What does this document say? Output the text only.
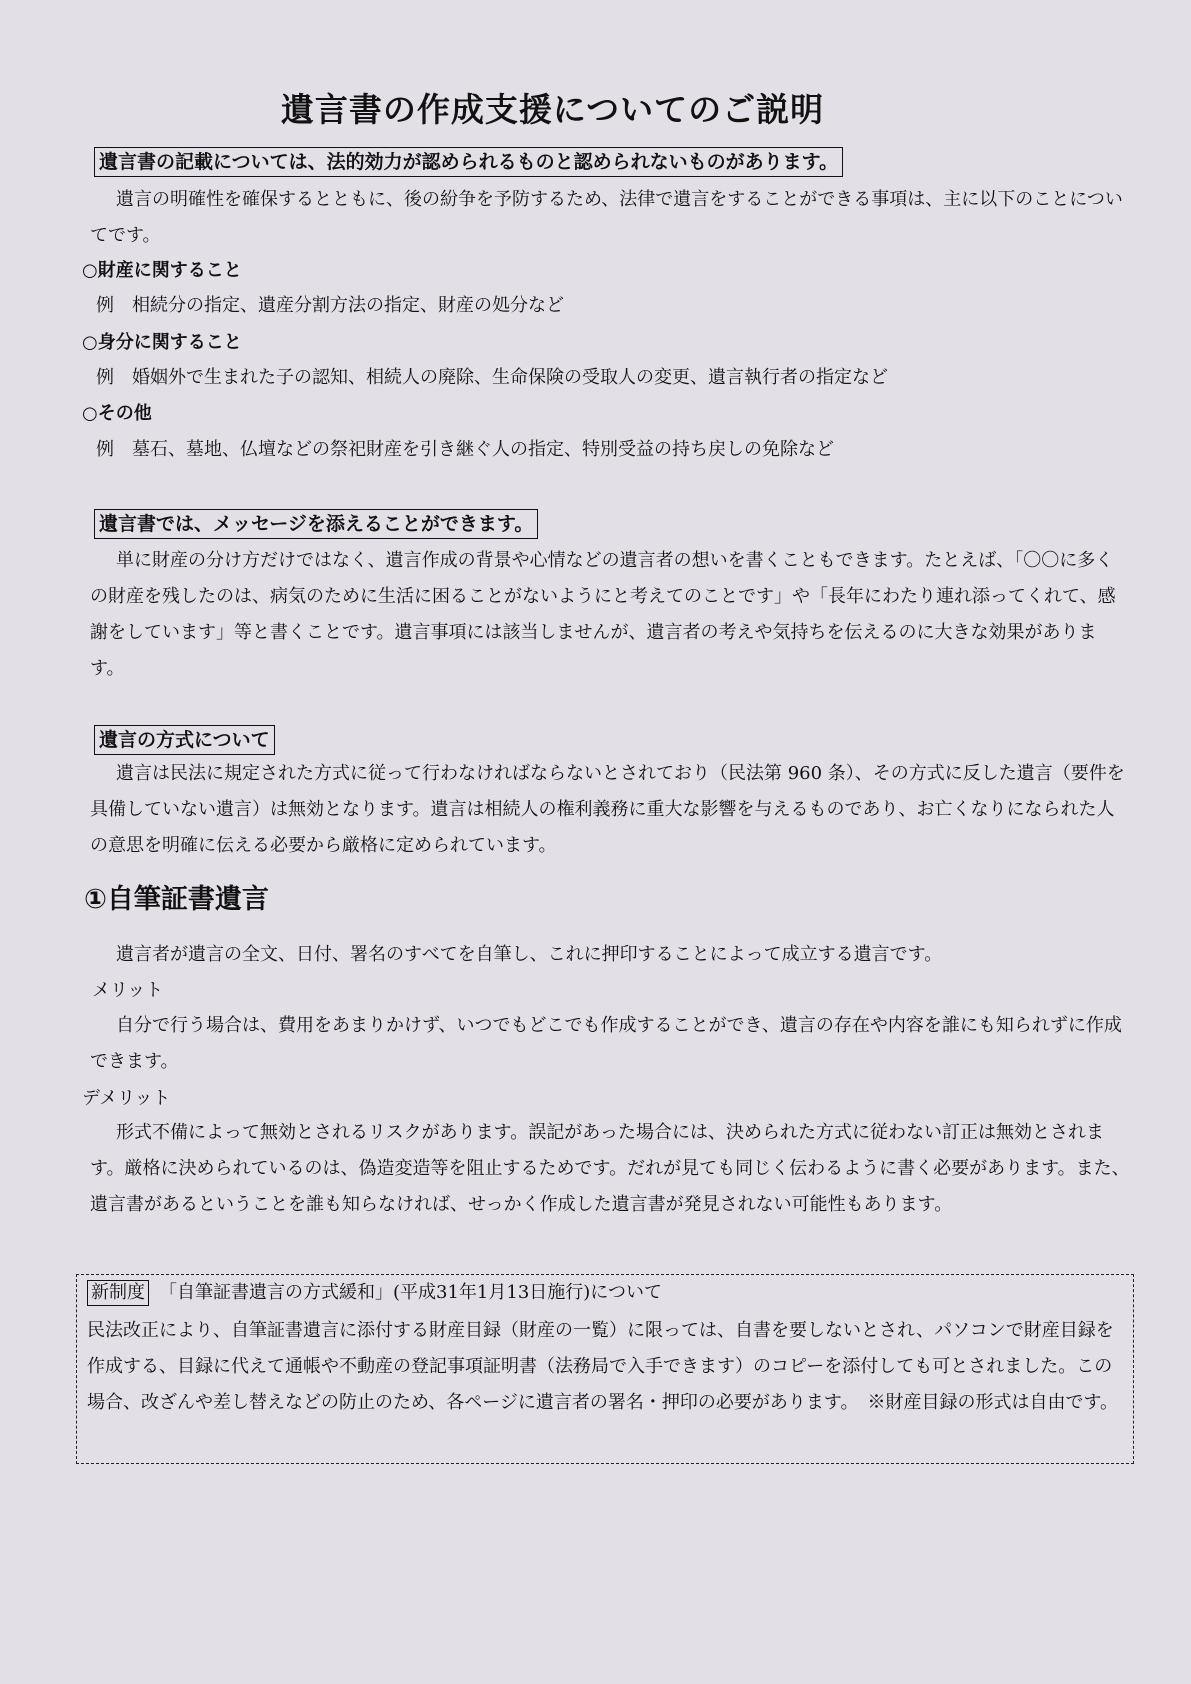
遺言書の作成支援についてのご説明
遺言書の記載については、法的効力が認められるものと認められないものがあります。

遺言の明確性を確保するとともに、後の紛争を予防するため、法律で遺言をすることができる事項は、主に以下のことについてです。

○財産に関すること
例 相続分の指定、遺産分割方法の指定、財産の処分など
○身分に関すること
例 婚姻外で生まれた子の認知、相続人の廃除、生命保険の受取人の変更、遺言執行者の指定など
○その他
例 墓石、墓地、仏壇などの祭祀財産を引き継ぐ人の指定、特別受益の持ち戻しの免除など
遺言書では、メッセージを添えることができます。

単に財産の分け方だけではなく、遺言作成の背景や心情などの遺言者の想いを書くこともできます。たとえば、「〇〇に多くの財産を残したのは、病気のために生活に困ることがないようにと考えてのことです」や「長年にわたり連れ添ってくれて、感謝をしています」等と書くことです。遺言事項には該当しませんが、遺言者の考えや気持ちを伝えるのに大きな効果があります。

遺言の方式について

遺言は民法に規定された方式に従って行わなければならないとされており（民法第 960 条）、その方式に反した遺言（要件を具備していない遺言）は無効となります。遺言は相続人の権利義務に重大な影響を与えるものであり、お亡くなりになられた人の意思を明確に伝える必要から厳格に定められています。

①自筆証書遺言

遺言者が遺言の全文、日付、署名のすべてを自筆し、これに押印することによって成立する遺言です。

メリット

自分で行う場合は、費用をあまりかけず、いつでもどこでも作成することができ、遺言の存在や内容を誰にも知られずに作成できます。

デメリット

形式不備によって無効とされるリスクがあります。誤記があった場合には、決められた方式に従わない訂正は無効とされます。厳格に決められているのは、偽造変造等を阻止するためです。だれが見ても同じく伝わるように書く必要があります。また、遺言書があるということを誰も知らなければ、せっかく作成した遺言書が発見されない可能性もあります。

新制度 「自筆証書遺言の方式緩和」(平成31年1月13日施行)について

民法改正により、自筆証書遺言に添付する財産目録（財産の一覧）に限っては、自書を要しないとされ、パソコンで財産目録を作成する、目録に代えて通帳や不動産の登記事項証明書（法務局で入手できます）のコピーを添付しても可とされました。この場合、改ざんや差し替えなどの防止のため、各ページに遺言者の署名・押印の必要があります。　※財産目録の形式は自由です。
